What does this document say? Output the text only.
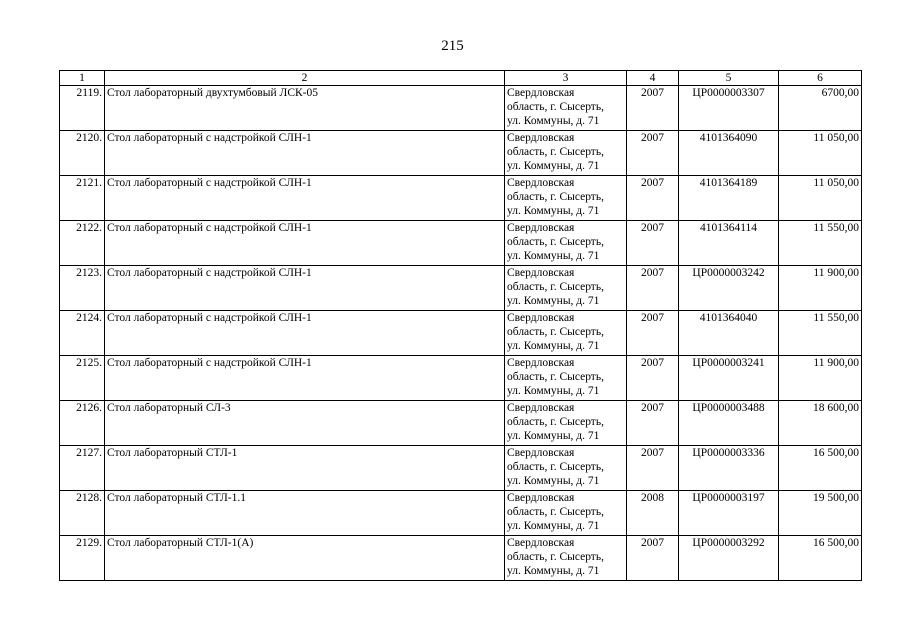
215
1	2	3	4	5	6
2119.	Стол лабораторный двухтумбовый ЛСК-05	Свердловская
область, г. Сысерть,
ул. Коммуны, д. 71	2007	ЦР0000003307	6700,00
2120.	Стол лабораторный с надстройкой СЛН-1	Свердловская
область, г. Сысерть,
ул. Коммуны, д. 71	2007	4101364090	11 050,00
2121.	Стол лабораторный с надстройкой СЛН-1	Свердловская
область, г. Сысерть,
ул. Коммуны, д. 71	2007	4101364189	11 050,00
2122.	Стол лабораторный с надстройкой СЛН-1	Свердловская
область, г. Сысерть,
ул. Коммуны, д. 71	2007	4101364114	11 550,00
2123.	Стол лабораторный с надстройкой СЛН-1	Свердловская
область, г. Сысерть,
ул. Коммуны, д. 71	2007	ЦР0000003242	11 900,00
2124.	Стол лабораторный с надстройкой СЛН-1	Свердловская
область, г. Сысерть,
ул. Коммуны, д. 71	2007	4101364040	11 550,00
2125.	Стол лабораторный с надстройкой СЛН-1	Свердловская
область, г. Сысерть,
ул. Коммуны, д. 71	2007	ЦР0000003241	11 900,00
2126.	Стол лабораторный СЛ-3	Свердловская
область, г. Сысерть,
ул. Коммуны, д. 71	2007	ЦР0000003488	18 600,00
2127.	Стол лабораторный СТЛ-1	Свердловская
область, г. Сысерть,
ул. Коммуны, д. 71	2007	ЦР0000003336	16 500,00
2128.	Стол лабораторный СТЛ-1.1	Свердловская
область, г. Сысерть,
ул. Коммуны, д. 71	2008	ЦР0000003197	19 500,00
2129.	Стол лабораторный СТЛ-1(А)	Свердловская
область, г. Сысерть,
ул. Коммуны, д. 71	2007	ЦР0000003292	16 500,00
